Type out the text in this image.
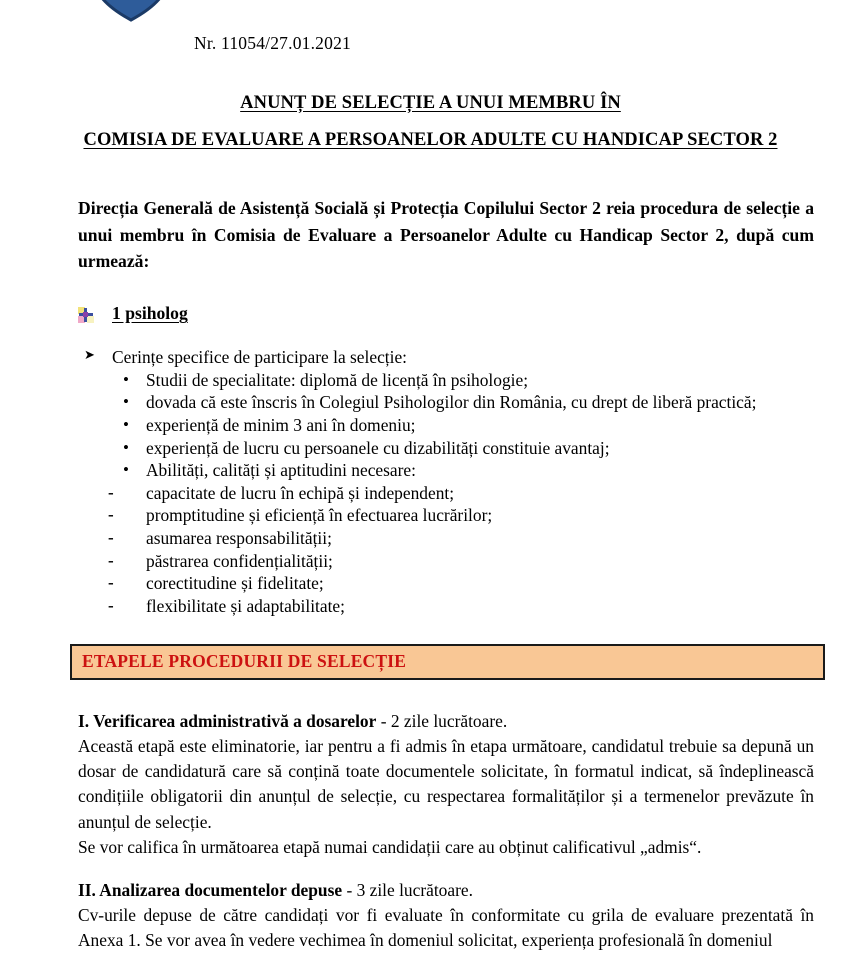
Nr. 11054/27.01.2021
ANUNȚ DE SELECȚIE A UNUI MEMBRU ÎN
COMISIA DE EVALUARE A PERSOANELOR ADULTE CU HANDICAP SECTOR 2
Direcția Generală de Asistență Socială și Protecția Copilului Sector 2 reia procedura de selecție a unui membru în Comisia de Evaluare a Persoanelor Adulte cu Handicap Sector 2, după cum urmează:
1 psiholog
➤ Cerințe specifice de participare la selecție:
• Studii de specialitate: diplomă de licență în psihologie;
• dovada că este înscris în Colegiul Psihologilor din România, cu drept de liberă practică;
• experiență de minim 3 ani în domeniu;
• experiență de lucru cu persoanele cu dizabilități constituie avantaj;
• Abilități, calități și aptitudini necesare:
-	capacitate de lucru în echipă și independent;
-	promptitudine și eficiență în efectuarea lucrărilor;
-	asumarea responsabilității;
-	păstrarea confidențialității;
-	corectitudine și fidelitate;
-	flexibilitate și adaptabilitate;
ETAPELE PROCEDURII DE SELECȚIE
I. Verificarea administrativă a dosarelor - 2 zile lucrătoare.
Această etapă este eliminatorie, iar pentru a fi admis în etapa următoare, candidatul trebuie sa depună un dosar de candidatură care să conțină toate documentele solicitate, în formatul indicat, să îndeplinească condițiile obligatorii din anunțul de selecție, cu respectarea formalităților și a termenelor prevăzute în anunțul de selecție.
Se vor califica în următoarea etapă numai candidații care au obținut calificativul „admis“.
II. Analizarea documentelor depuse - 3 zile lucrătoare.
Cv-urile depuse de către candidați vor fi evaluate în conformitate cu grila de evaluare prezentată în Anexa 1. Se vor avea în vedere vechimea în domeniul solicitat, experiența profesională în domeniul
